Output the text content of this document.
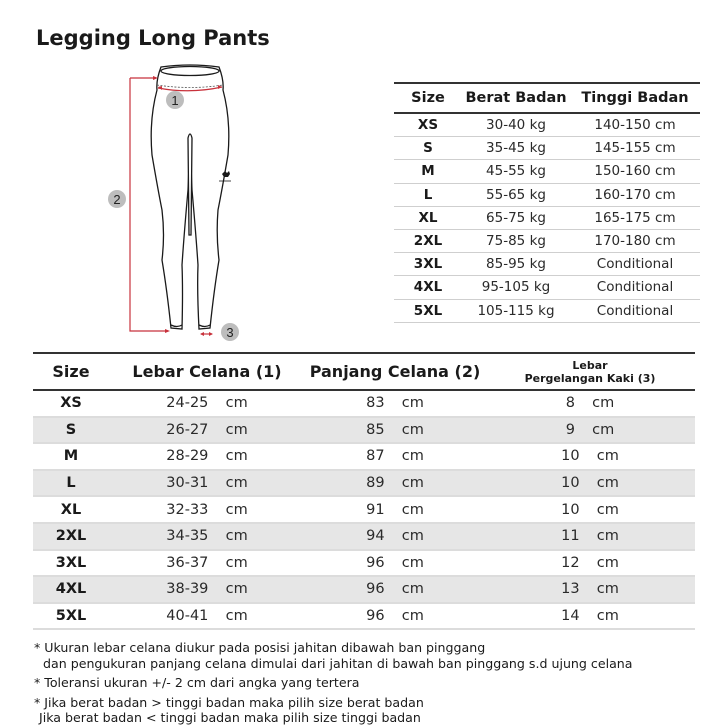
Legging Long Pants
1
2
3
Size	Berat Badan	Tinggi Badan
XS	30-40 kg	140-150 cm
S	35-45 kg	145-155 cm
M	45-55 kg	150-160 cm
L	55-65 kg	160-170 cm
XL	65-75 kg	165-175 cm
2XL	75-85 kg	170-180 cm
3XL	85-95 kg	Conditional
4XL	95-105 kg	Conditional
5XL	105-115 kg	Conditional
Size	Lebar Celana (1)	Panjang Celana (2)	Lebar
Pergelangan Kaki (3)
XS	24-25  cm	83  cm	8  cm
S	26-27  cm	85  cm	9  cm
M	28-29  cm	87  cm	10  cm
L	30-31  cm	89  cm	10  cm
XL	32-33  cm	91  cm	10  cm
2XL	34-35  cm	94  cm	11  cm
3XL	36-37  cm	96  cm	12  cm
4XL	38-39  cm	96  cm	13  cm
5XL	40-41  cm	96  cm	14  cm
* Ukuran lebar celana diukur pada posisi jahitan dibawah ban pinggang
dan pengukuran panjang celana dimulai dari jahitan di bawah ban pinggang s.d ujung celana
* Toleransi ukuran +/- 2 cm dari angka yang tertera
* Jika berat badan > tinggi badan maka pilih size berat badan
Jika berat badan < tinggi badan maka pilih size tinggi badan
